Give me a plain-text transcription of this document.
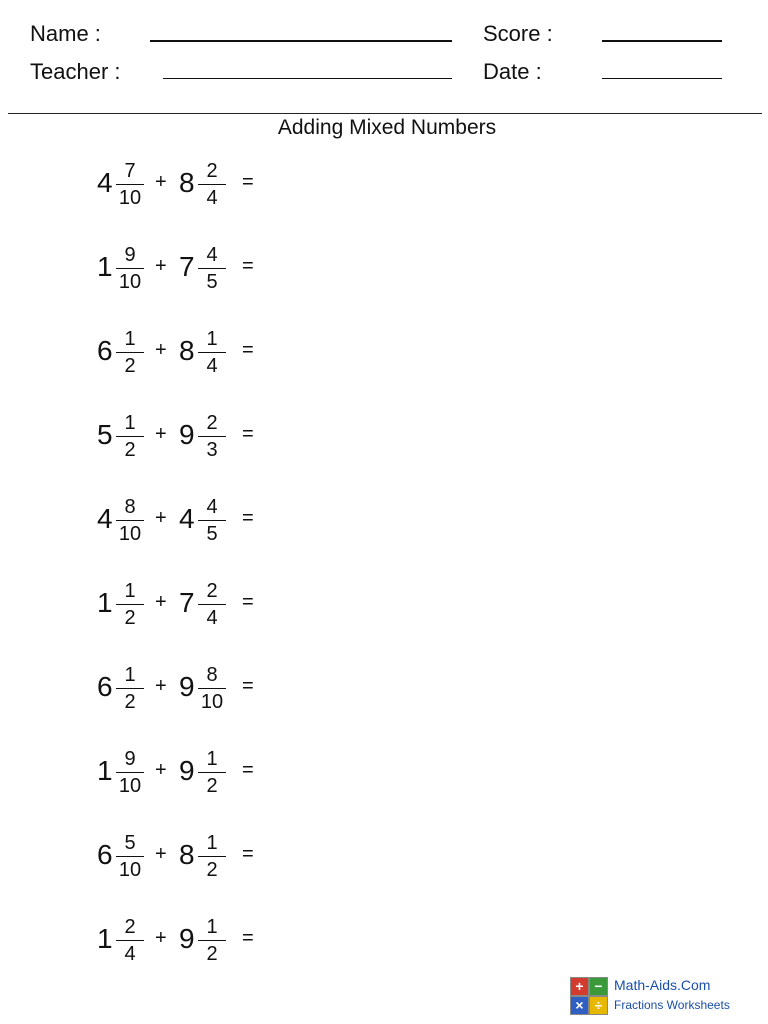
Name :
Teacher :
Score :
Date :
Adding Mixed Numbers
4 7
10
+ 8 2
4
=
1 9
10
+ 7 4
5
=
6 1
2
+ 8 1
4
=
5 1
2
+ 9 2
3
=
4 8
10
+ 4 4
5
=
1 1
2
+ 7 2
4
=
6 1
2
+ 9 8
10
=
1 9
10
+ 9 1
2
=
6 5
10
+ 8 1
2
=
1 2
4
+ 9 1
2
=
+ −
× ÷
Math-Aids.Com
Fractions Worksheets
